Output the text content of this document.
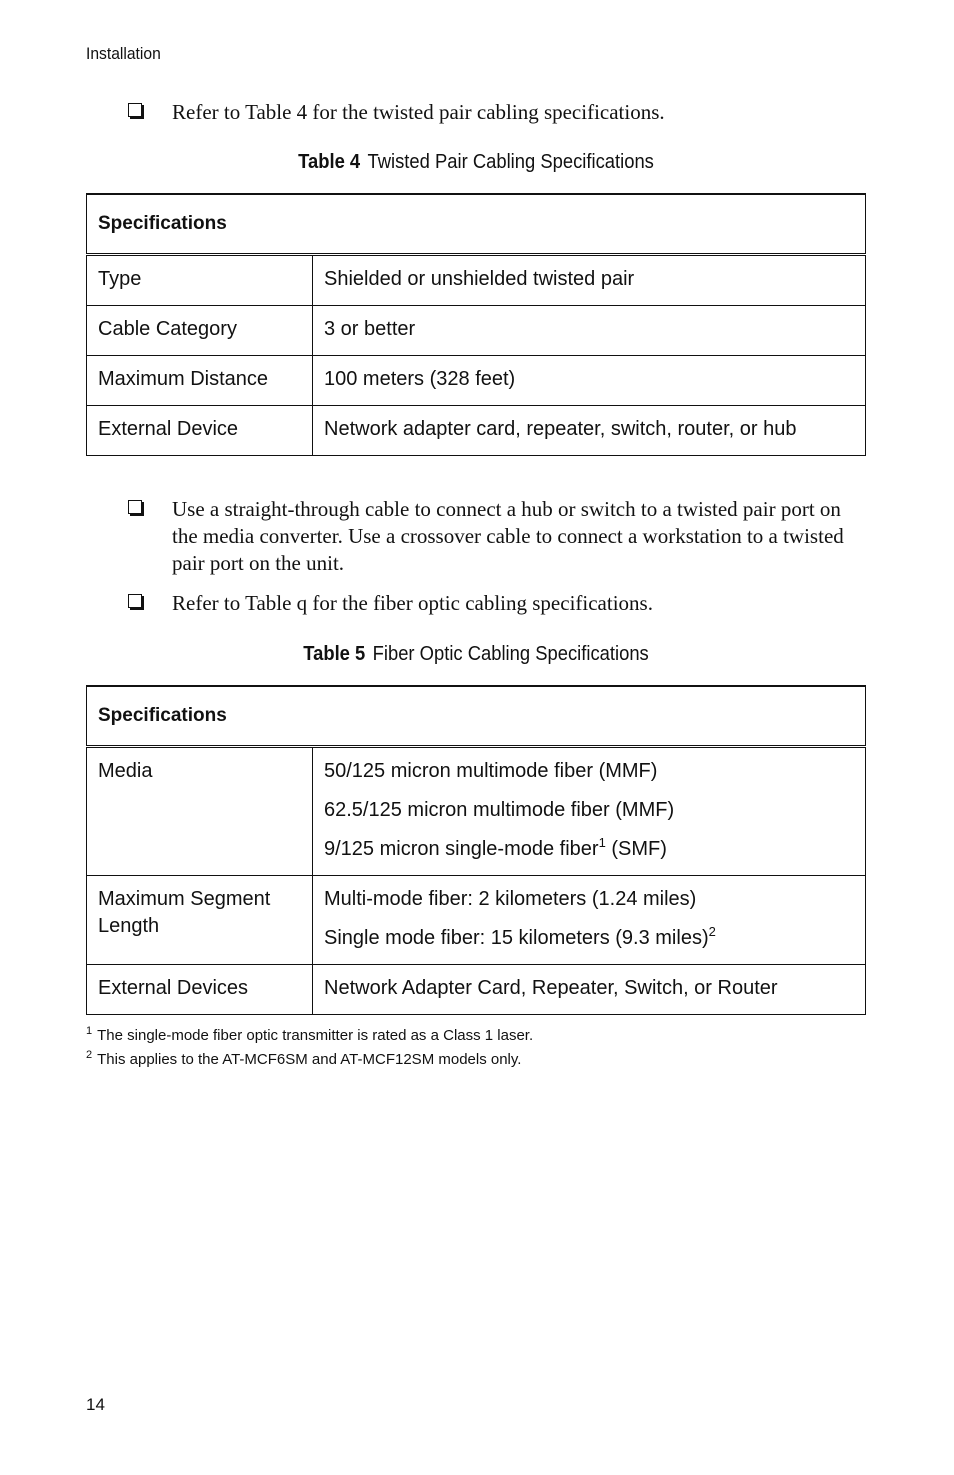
Installation
Refer to Table 4 for the twisted pair cabling specifications.
Table 4 Twisted Pair Cabling Specifications
Specifications	

Type	Shielded or unshielded twisted pair

Cable Category	3 or better

Maximum Distance	100 meters (328 feet)

External Device	Network adapter card, repeater, switch, router, or hub
Use a straight-through cable to connect a hub or switch to a twisted pair port on the media converter. Use a crossover cable to connect a workstation to a twisted pair port on the unit.
Refer to Table q for the fiber optic cabling specifications.
Table 5 Fiber Optic Cabling Specifications
Specifications	

Media	50/125 micron multimode fiber (MMF)

62.5/125 micron multimode fiber (MMF)

9/125 micron single-mode fiber$^1$ (SMF)

Maximum Segment Length	Multi-mode fiber: 2 kilometers (1.24 miles)

Single mode fiber: 15 kilometers (9.3 miles)$^2$

External Devices	Network Adapter Card, Repeater, Switch, or Router
$^1$ The single-mode fiber optic transmitter is rated as a Class 1 laser.
$^2$ This applies to the AT-MCF6SM and AT-MCF12SM models only.
14
